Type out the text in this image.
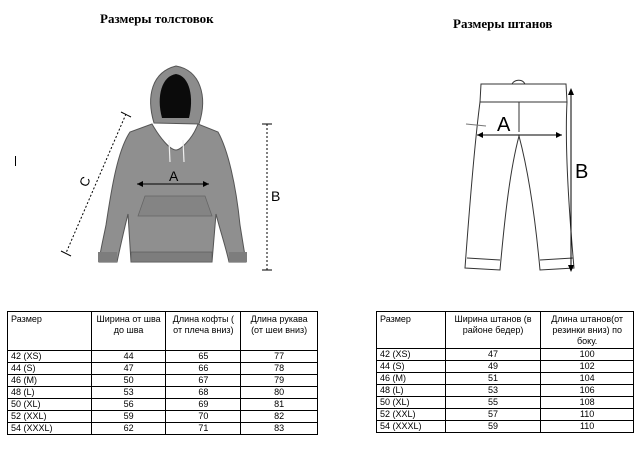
Размеры толстовок	Размеры штанов
A
B
C
A
B
Размер	Ширина от шва до шва	Длина кофты ( от плеча вниз)	Длина рукава (от шеи вниз)
42 (XS)	44	65	77
44 (S)	47	66	78
46 (M)	50	67	79
48 (L)	53	68	80
50 (XL)	56	69	81
52 (XXL)	59	70	82
54 (XXXL)	62	71	83
Размер	Ширина штанов (в районе бедер)	Длина штанов(от резинки вниз) по боку.
42 (XS)	47	100
44 (S)	49	102
46 (M)	51	104
48 (L)	53	106
50 (XL)	55	108
52 (XXL)	57	110
54 (XXXL)	59	110
